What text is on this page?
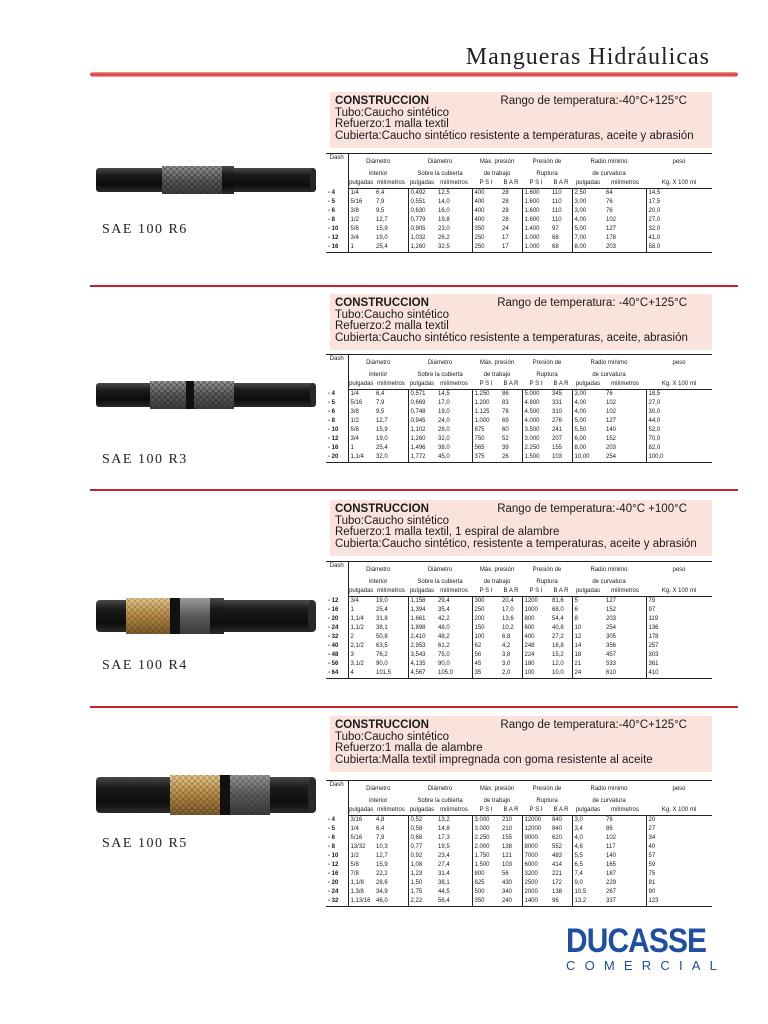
Mangueras Hidráulicas
CONSTRUCCION	Rango de temperatura:-40°C+125°C
Tubo:Caucho sintético
Refuerzo:1 malla textil
Cubierta:Caucho sintético resistente a temperaturas, aceite y abrasión
Dash	Diámetro		Diámetro		Máx. presión		Presión de		Radio mínimo		peso
	interior		Sobre la cubierta		de trabajo		Ruptura		de curvatura		
	pulgadas	milímetros	pulgadas	milímetros	P S I	B A R	P S I	B A R	pulgadas	milímetros	Kg. X 100 ml
- 4	1/4	6,4	0,492	12,5	400	28	1.600	110	2,50	64	14,5
- 5	5/16	7,9	0,551	14,0	400	28	1.600	110	3,00	76	17,5
- 6	3/8	9,5	0,630	16,0	400	28	1.600	110	3,00	76	20,0
- 8	1/2	12,7	0,779	19,8	400	28	1.600	110	4,00	102	27,0
- 10	5/8	15,9	0,905	23,0	350	24	1.400	97	5,00	127	32,0
- 12	3/4	19,0	1,032	26,2	250	17	1.000	68	7,00	178	41,0
- 16	1	25,4	1,260	32,5	250	17	1.000	68	8,00	203	58,0
SAE 100 R6
CONSTRUCCION	Rango de temperatura: -40°C+125°C
Tubo:Caucho sintético
Refuerzo:2 malla textil
Cubierta:Caucho sintético resistente a temperaturas, aceite, abrasión
Dash	Diámetro		Diámetro		Máx. presión		Presión de		Radio mínimo		peso
	interior		Sobre la cubierta		de trabajo		Ruptura		de curvatura		
	pulgadas	milímetros	pulgadas	milímetros	P S I	B A R	P S I	B A R	pulgadas	milímetros	Kg. X 100 ml
- 4	1/4	6,4	0,571	14,5	1.250	86	5.000	345	3,00	76	18,5
- 5	5/16	7,9	0,669	17,0	1.200	83	4.800	331	4,00	102	27,0
- 6	3/8	9,5	0,748	19,0	1.125	78	4.500	310	4,00	102	30,0
- 8	1/2	12,7	0,945	24,0	1.000	69	4.000	276	5,00	127	44,0
- 10	5/8	15,9	1,102	28,0	875	60	3.500	241	5,50	140	52,0
- 12	3/4	19,0	1,260	32,0	750	52	3.000	207	6,00	152	70,0
- 16	1	25,4	1,496	38,0	565	39	2.250	155	8,00	203	82,0
- 20	1,1/4	32,0	1,772	45,0	375	26	1.500	103	10,00	254	100,0
SAE 100 R3
CONSTRUCCION	Rango de temperatura:-40°C +100°C
Tubo:Caucho sintético
Refuerzo:1 malla textil, 1 espiral de alambre
Cubierta:Caucho sintético, resistente a temperaturas, aceite y abrasión
Dash	Diámetro		Diámetro		Máx. presión		Presión de		Radio mínimo		peso
	interior		Sobre la cubierta		de trabajo		Ruptura		de curvatura		
	pulgadas	milímetros	pulgadas	milímetros	P S I	B A R	P S I	B A R	pulgadas	milímetros	Kg. X 100 ml
- 12	3/4	19,0	1,158	29,4	300	20,4	1200	81,6	5	127	79
- 16	1	25,4	1,394	35,4	250	17,0	1000	68,0	6	152	97
- 20	1,1/4	31,8	1,661	42,2	200	13,6	800	54,4	8	203	119
- 24	1,1/2	38,1	1,898	48,0	150	10,2	600	40,8	10	254	136
- 32	2	50,8	2,410	48,2	100	6,8	400	27,2	12	305	178
- 40	2,1/2	63,5	2,953	61,2	62	4,2	248	16,8	14	356	257
- 48	3	76,2	3,543	75,0	56	3,8	224	15,2	18	457	303
- 56	3,1/2	90,0	4,135	90,0	45	3,0	180	12,0	21	533	361
- 64	4	101,5	4,567	105,0	35	2,0	100	10,0	24	610	410
SAE 100 R4
CONSTRUCCION	Rango de temperatura:-40°C+125°C
Tubo:Caucho sintético
Refuerzo:1 malla de alambre
Cubierta:Malla textil impregnada con goma resistente al aceite
Dash	Diámetro		Diámetro		Máx. presión		Presión de		Radio mínimo		peso
	interior		Sobre la cubierta		de trabajo		Ruptura		de curvatura		
	pulgadas	milímetros	pulgadas	milímetros	P S I	B A R	P S I	B A R	pulgadas	milímetros	Kg. X 100 ml
- 4	3/16	4,8	0,52	13,2	3.000	210	12000	840	3,0	76	20
- 5	1/4	6,4	0,58	14,8	3.000	210	12000	840	3,4	86	27
- 6	5/16	7,9	0,68	17,3	2.250	155	9000	620	4,0	102	34
- 8	13/32	10,3	0,77	19,5	2.000	138	8000	552	4,6	117	40
- 10	1/2	12,7	0,92	23,4	1.750	121	7000	483	5,5	140	57
- 12	5/8	15,9	1,08	27,4	1.500	103	6000	414	6,5	165	59
- 16	7/8	22,2	1,23	31,4	800	56	3200	221	7,4	187	75
- 20	1,1/8	28,6	1,50	38,1	625	430	2500	172	9,0	229	81
- 24	1,3/8	34,9	1,75	44,5	500	340	2000	138	10,5	267	90
- 32	1,13/16	46,0	2,22	56,4	350	240	1400	96	13,2	337	123
SAE 100 R5
DUCASSE
COMERCIAL
